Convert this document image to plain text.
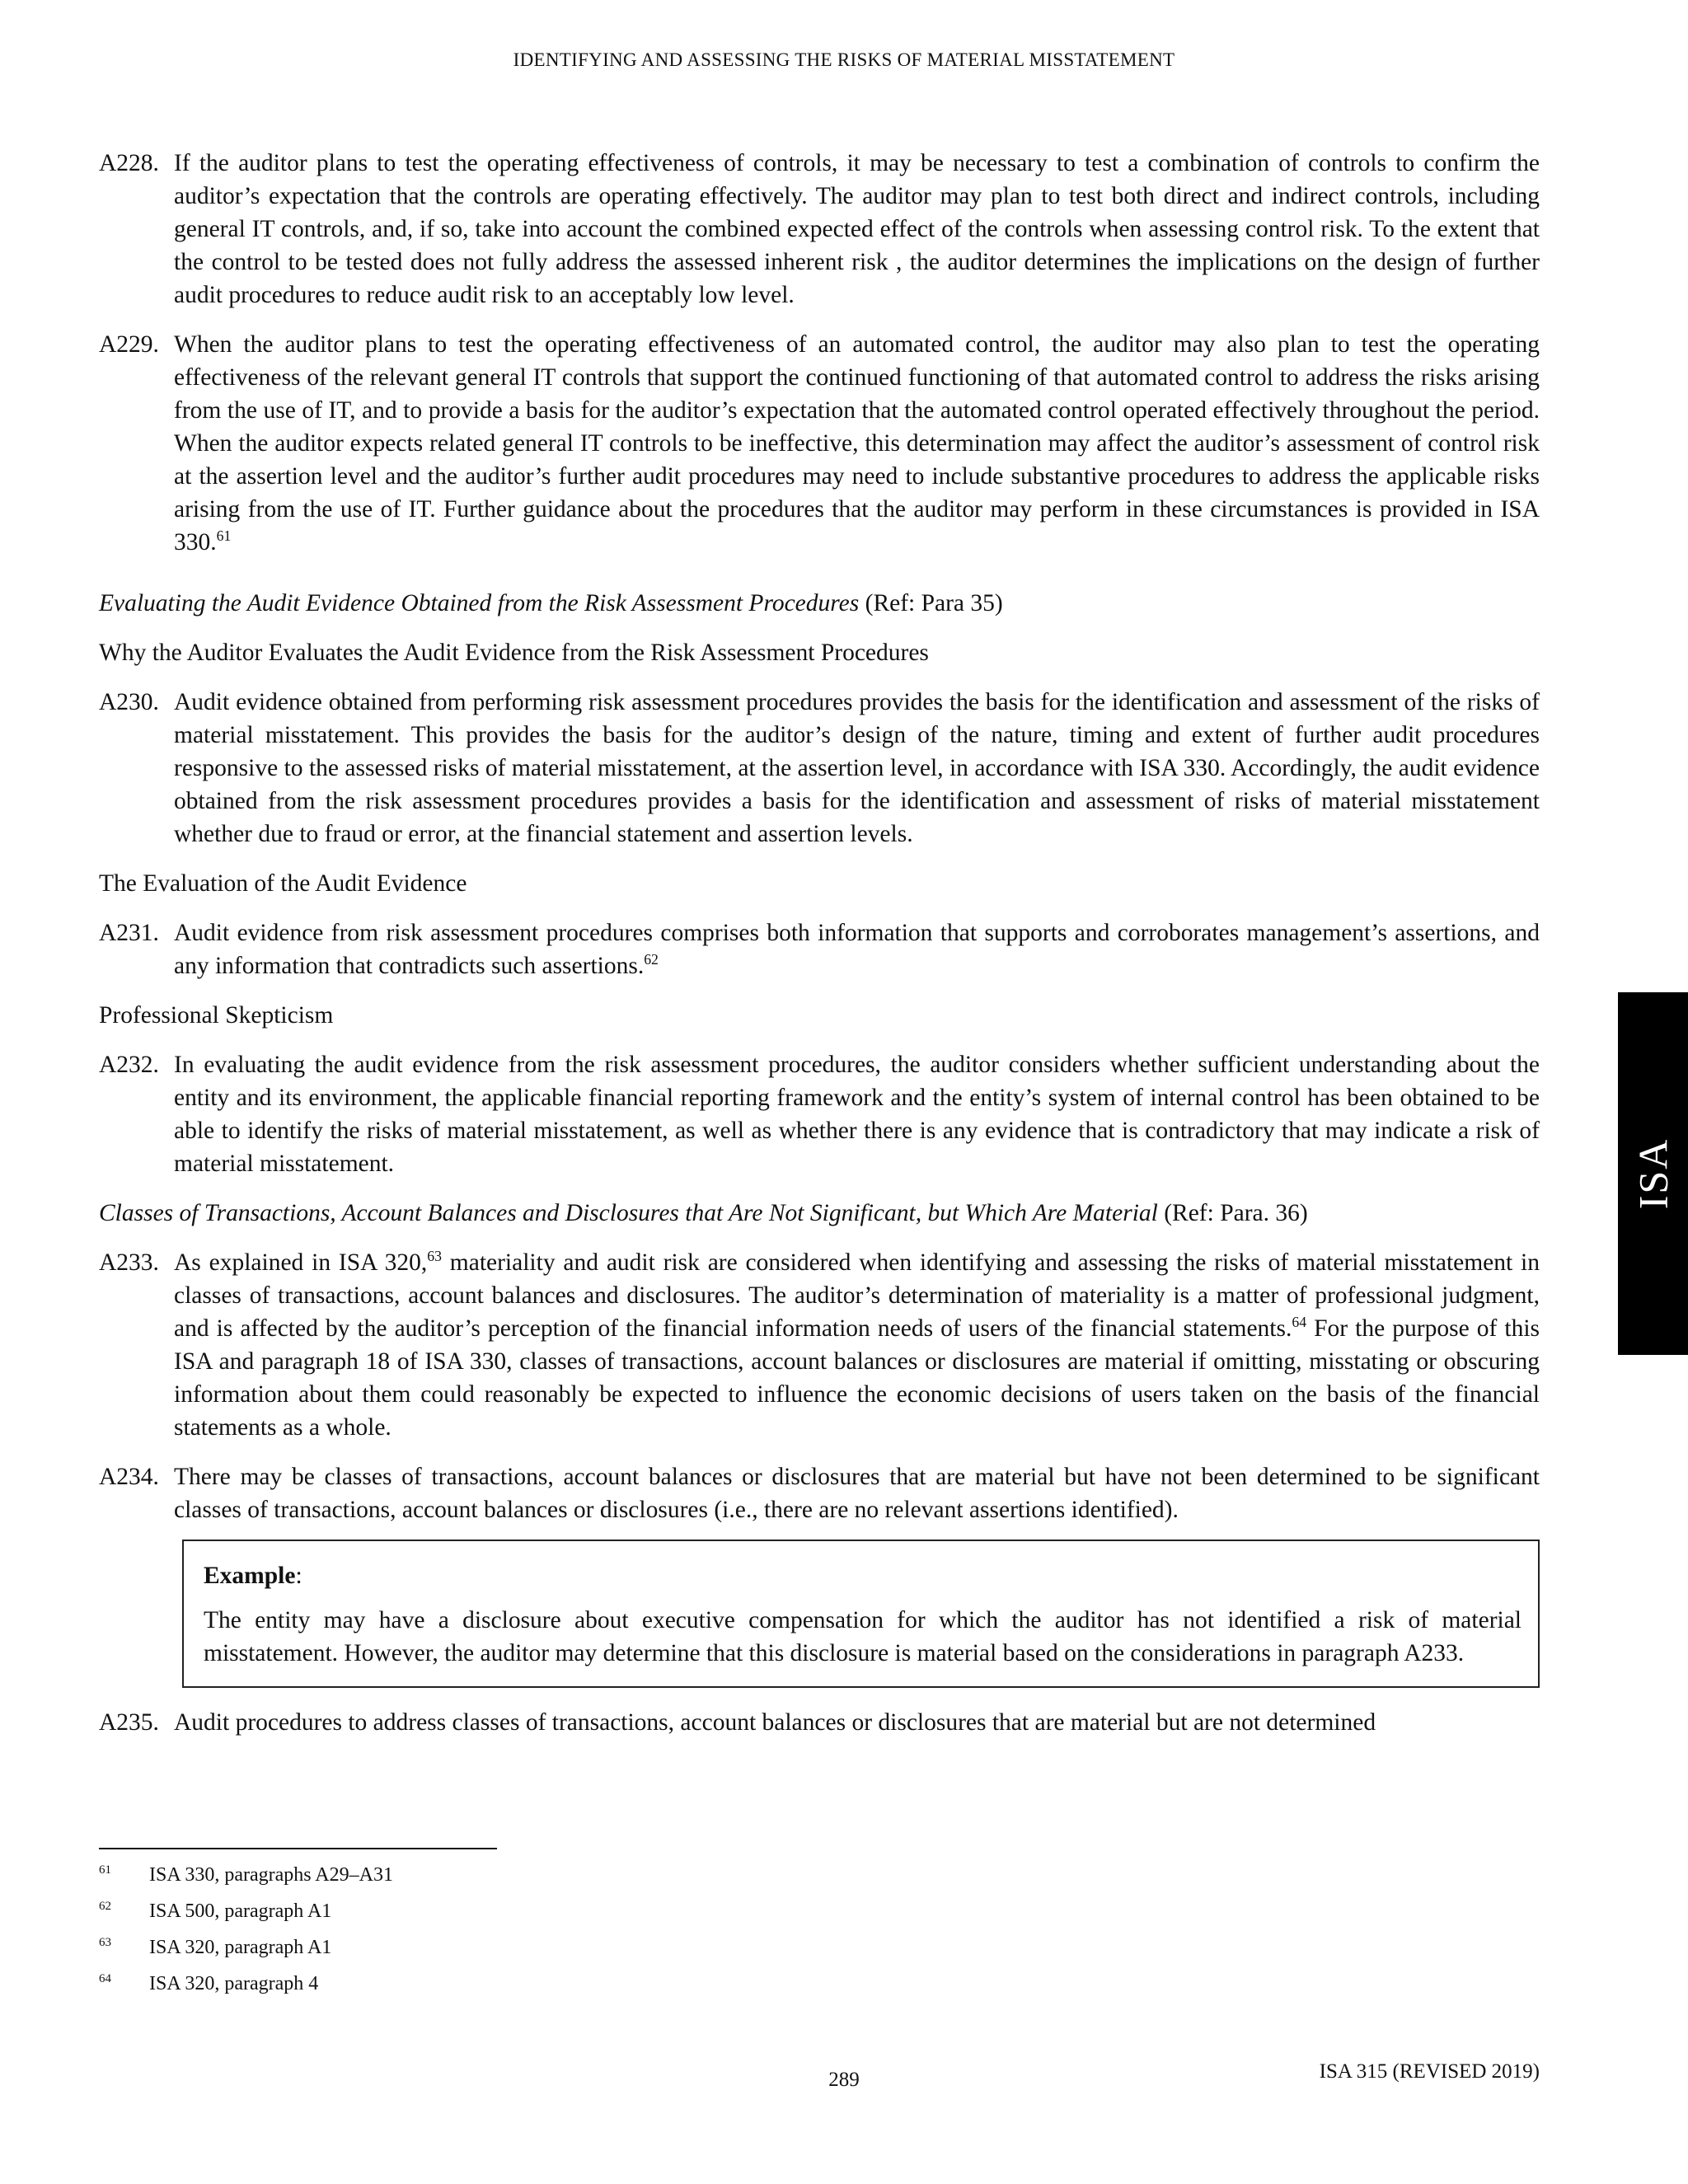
IDENTIFYING AND ASSESSING THE RISKS OF MATERIAL MISSTATEMENT
A228. If the auditor plans to test the operating effectiveness of controls, it may be necessary to test a combination of controls to confirm the auditor’s expectation that the controls are operating effectively. The auditor may plan to test both direct and indirect controls, including general IT controls, and, if so, take into account the combined expected effect of the controls when assessing control risk. To the extent that the control to be tested does not fully address the assessed inherent risk , the auditor determines the implications on the design of further audit procedures to reduce audit risk to an acceptably low level.
A229. When the auditor plans to test the operating effectiveness of an automated control, the auditor may also plan to test the operating effectiveness of the relevant general IT controls that support the continued functioning of that automated control to address the risks arising from the use of IT, and to provide a basis for the auditor’s expectation that the automated control operated effectively throughout the period. When the auditor expects related general IT controls to be ineffective, this determination may affect the auditor’s assessment of control risk at the assertion level and the auditor’s further audit procedures may need to include substantive procedures to address the applicable risks arising from the use of IT. Further guidance about the procedures that the auditor may perform in these circumstances is provided in ISA 330.61
Evaluating the Audit Evidence Obtained from the Risk Assessment Procedures (Ref: Para 35)
Why the Auditor Evaluates the Audit Evidence from the Risk Assessment Procedures
A230. Audit evidence obtained from performing risk assessment procedures provides the basis for the identification and assessment of the risks of material misstatement. This provides the basis for the auditor’s design of the nature, timing and extent of further audit procedures responsive to the assessed risks of material misstatement, at the assertion level, in accordance with ISA 330. Accordingly, the audit evidence obtained from the risk assessment procedures provides a basis for the identification and assessment of risks of material misstatement whether due to fraud or error, at the financial statement and assertion levels.
The Evaluation of the Audit Evidence
A231. Audit evidence from risk assessment procedures comprises both information that supports and corroborates management’s assertions, and any information that contradicts such assertions.$^{62}$
Professional Skepticism
A232. In evaluating the audit evidence from the risk assessment procedures, the auditor considers whether sufficient understanding about the entity and its environment, the applicable financial reporting framework and the entity’s system of internal control has been obtained to be able to identify the risks of material misstatement, as well as whether there is any evidence that is contradictory that may indicate a risk of material misstatement.
Classes of Transactions, Account Balances and Disclosures that Are Not Significant, but Which Are Material (Ref: Para. 36)
A233. As explained in ISA 320,63 materiality and audit risk are considered when identifying and assessing the risks of material misstatement in classes of transactions, account balances and disclosures. The auditor’s determination of materiality is a matter of professional judgment, and is affected by the auditor’s perception of the financial information needs of users of the financial statements.$^{64}$ For the purpose of this ISA and paragraph 18 of ISA 330, classes of transactions, account balances or disclosures are material if omitting, misstating or obscuring information about them could reasonably be expected to influence the economic decisions of users taken on the basis of the financial statements as a whole.
A234. There may be classes of transactions, account balances or disclosures that are material but have not been determined to be significant classes of transactions, account balances or disclosures (i.e., there are no relevant assertions identified).
Example:
The entity may have a disclosure about executive compensation for which the auditor has not identified a risk of material misstatement. However, the auditor may determine that this disclosure is material based on the considerations in paragraph A233.
A235. Audit procedures to address classes of transactions, account balances or disclosures that are material but are not determined
61	ISA 330, paragraphs A29–A31
62	ISA 500, paragraph A1
63	ISA 320, paragraph A1
64	ISA 320, paragraph 4
289	ISA 315 (REVISED 2019)
ISA
